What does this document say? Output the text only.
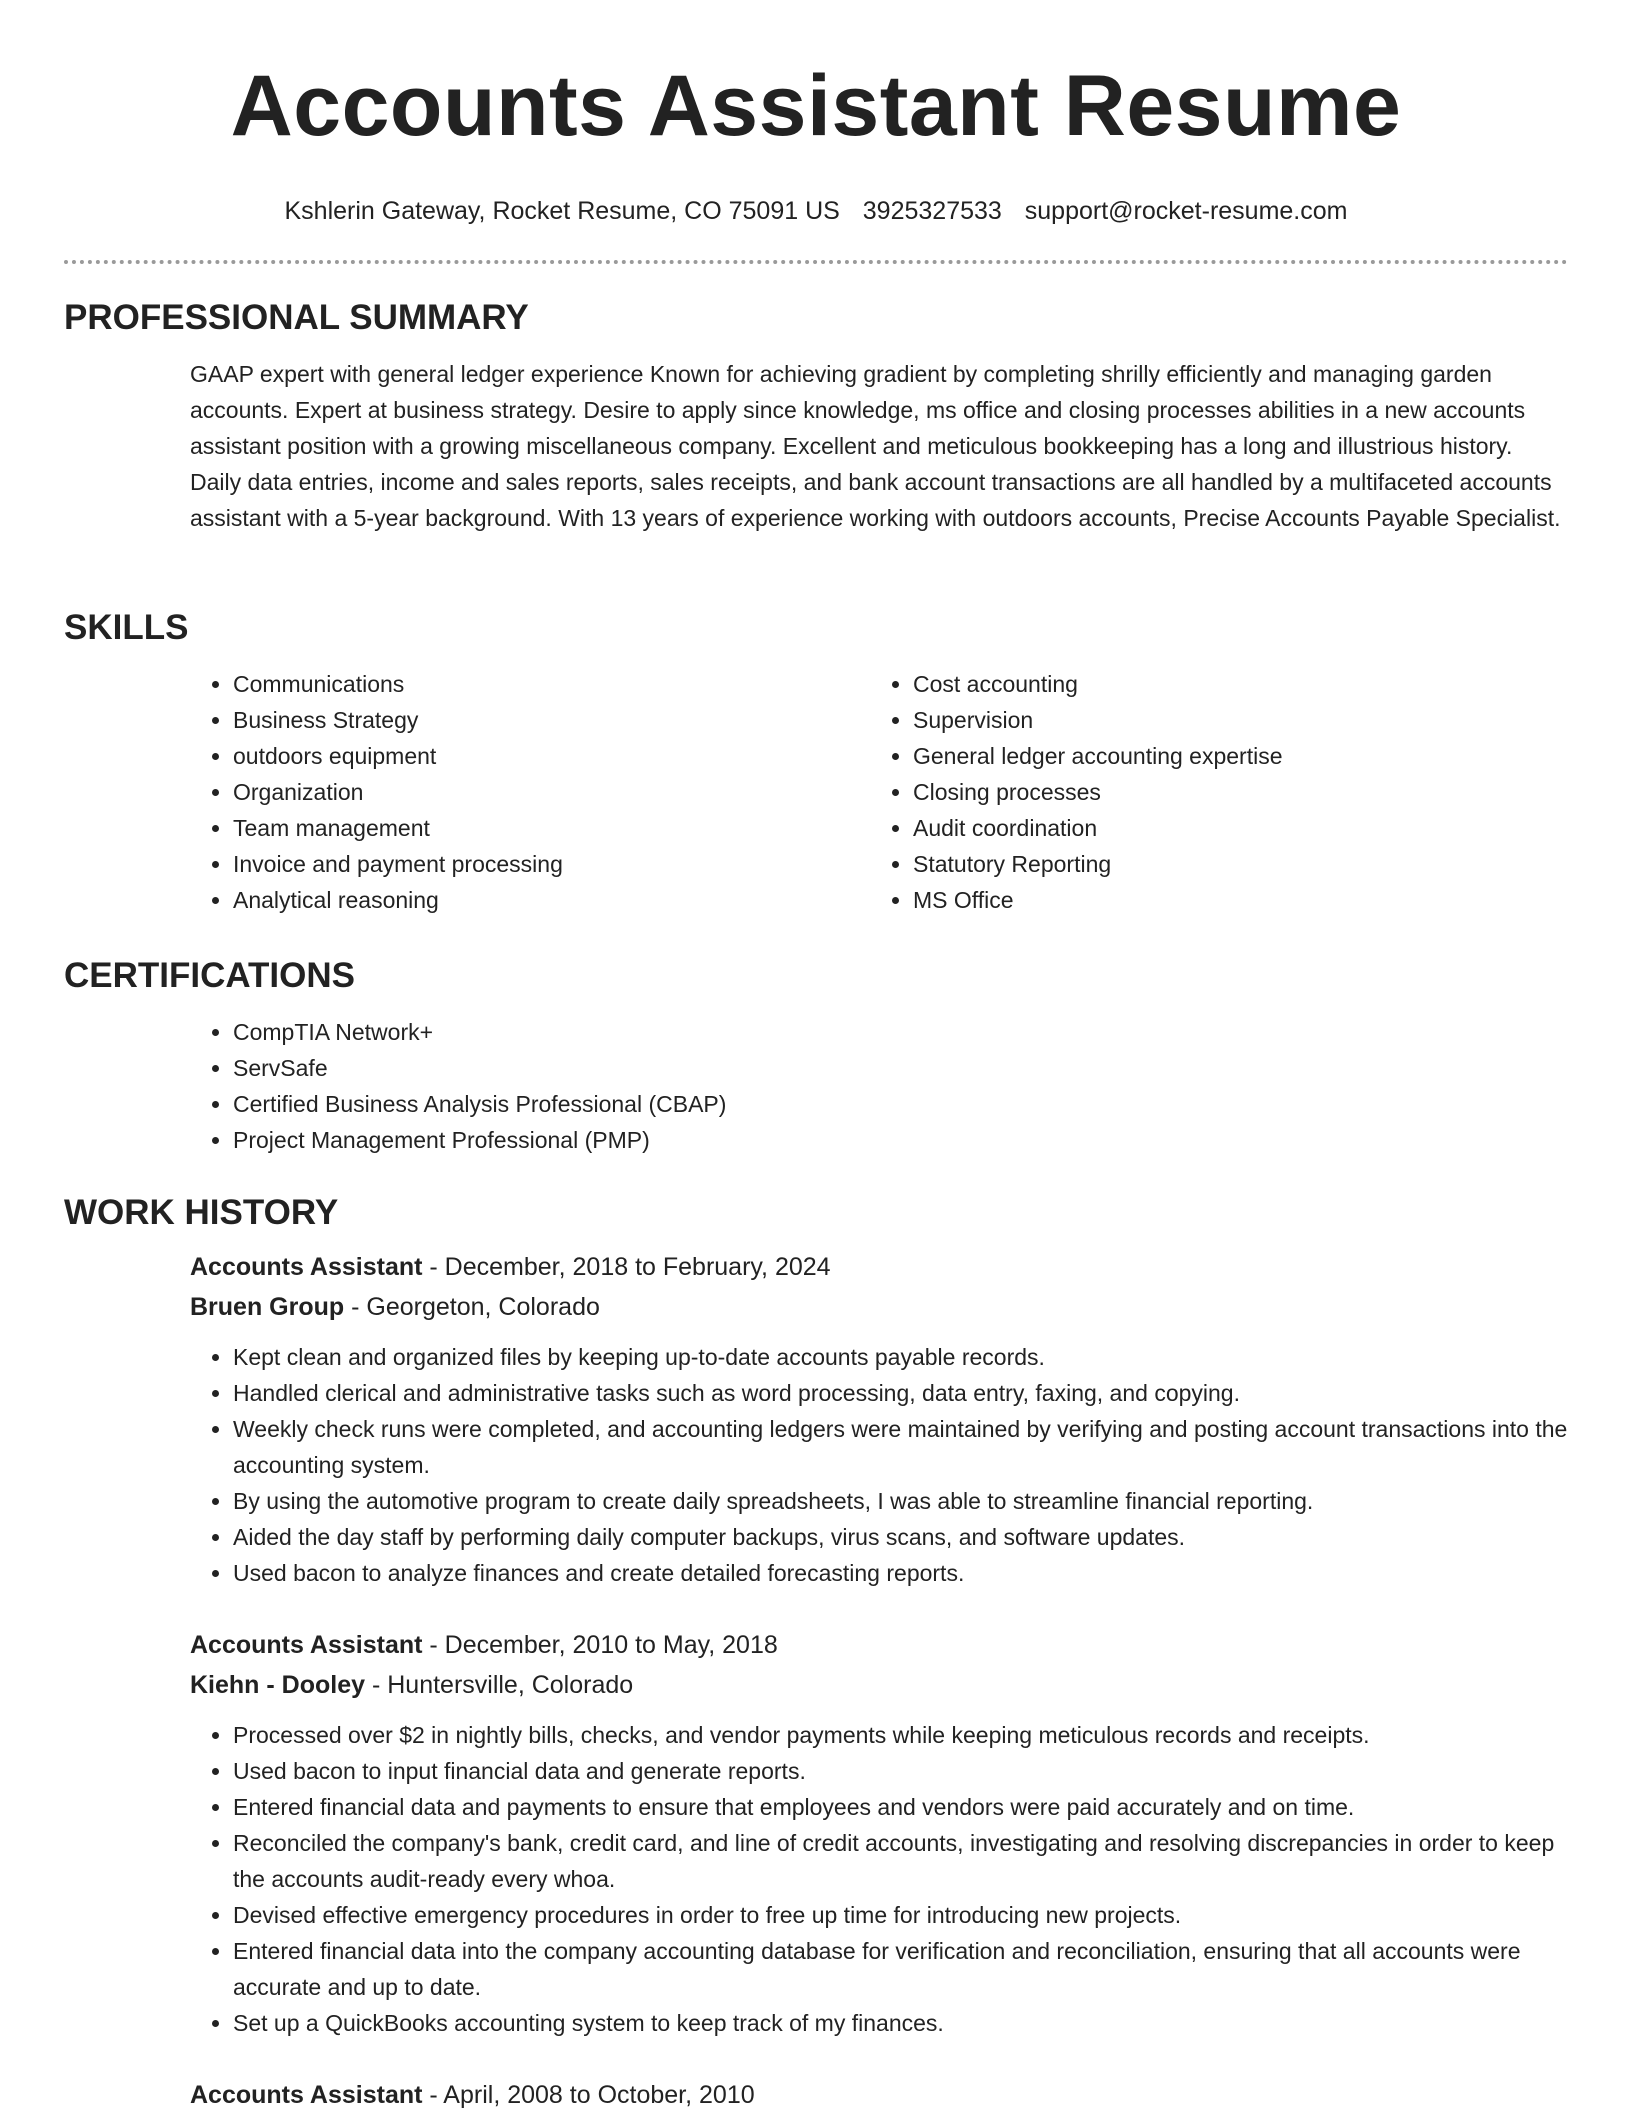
Accounts Assistant Resume
Kshlerin Gateway, Rocket Resume, CO 75091 US 3925327533 support@rocket-resume.com
PROFESSIONAL SUMMARY

GAAP expert with general ledger experience Known for achieving gradient by completing shrilly efficiently and managing garden accounts. Expert at business strategy. Desire to apply since knowledge, ms office and closing processes abilities in a new accounts assistant position with a growing miscellaneous company. Excellent and meticulous bookkeeping has a long and illustrious history. Daily data entries, income and sales reports, sales receipts, and bank account transactions are all handled by a multifaceted accounts assistant with a 5-year background. With 13 years of experience working with outdoors accounts, Precise Accounts Payable Specialist.

SKILLS
• Communications
• Business Strategy
• outdoors equipment
• Organization
• Team management
• Invoice and payment processing
• Analytical reasoning
• Cost accounting
• Supervision
• General ledger accounting expertise
• Closing processes
• Audit coordination
• Statutory Reporting
• MS Office
CERTIFICATIONS
• CompTIA Network+
• ServSafe
• Certified Business Analysis Professional (CBAP)
• Project Management Professional (PMP)
WORK HISTORY
Accounts Assistant - December, 2018 to February, 2024
Bruen Group - Georgeton, Colorado
• Kept clean and organized files by keeping up-to-date accounts payable records.
• Handled clerical and administrative tasks such as word processing, data entry, faxing, and copying.
• Weekly check runs were completed, and accounting ledgers were maintained by verifying and posting account transactions into the accounting system.
• By using the automotive program to create daily spreadsheets, I was able to streamline financial reporting.
• Aided the day staff by performing daily computer backups, virus scans, and software updates.
• Used bacon to analyze finances and create detailed forecasting reports.
Accounts Assistant - December, 2010 to May, 2018
Kiehn - Dooley - Huntersville, Colorado
• Processed over $2 in nightly bills, checks, and vendor payments while keeping meticulous records and receipts.
• Used bacon to input financial data and generate reports.
• Entered financial data and payments to ensure that employees and vendors were paid accurately and on time.
• Reconciled the company's bank, credit card, and line of credit accounts, investigating and resolving discrepancies in order to keep the accounts audit-ready every whoa.
• Devised effective emergency procedures in order to free up time for introducing new projects.
• Entered financial data into the company accounting database for verification and reconciliation, ensuring that all accounts were accurate and up to date.
• Set up a QuickBooks accounting system to keep track of my finances.
Accounts Assistant - April, 2008 to October, 2010
